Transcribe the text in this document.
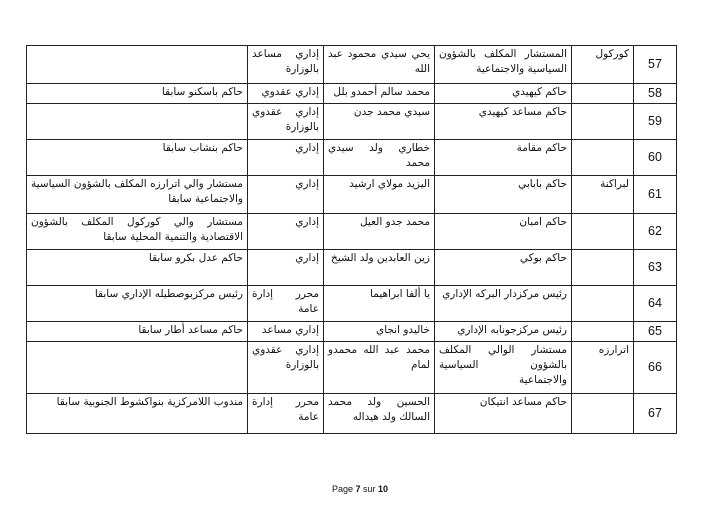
57	كوركول	المستشار المكلف بالشؤون السياسية والاجتماعية	يحي سيدي محمود عبد الله	إداري مساعد بالوزارة	
58		حاكم كيهيدي	محمد سالم أحمدو بلل	إداري عقدوي	حاكم باسكنو سابقا
59		حاكم مساعد كيهيدي	سيدي محمد جدن	إداري عقدوي بالوزارة	
60		حاكم مقامة	خطاري ولد سيدي محمد	إداري	حاكم بنشاب سابقا
61	لبراكنة	حاكم بابابي	اليزيد مولاي ارشيد	إداري	مستشار والي اترارزه المكلف بالشؤون السياسية والاجتماعية سابقا
62		حاكم امبان	محمد جدو العيل	إداري	مستشار والي كوركول المكلف بالشؤون الاقتصادية والتنمية المحلية سابقا
63		حاكم بوكي	زين العابدين ولد الشيخ	إداري	حاكم عدل بكرو سابقا
64		رئيس مركزدار البركه الإداري	يا ألفا ابراهيما	محرر إدارة عامة	رئيس مركزبوصطيله الإداري سابقا
65		رئيس مركزجونابه الإداري	خاليدو انجاي	إداري مساعد	حاكم مساعد أطار سابقا
66	اترارزه	مستشار الوالي المكلف بالشؤون السياسية والاجتماعية	محمد عبد الله محمدو لمام	إداري عقدوي بالوزارة	
67		حاكم مساعد انتيكان	الحسين ولد محمد السالك ولد هيداله	محرر إدارة عامة	مندوب اللامركزية بنواكشوط الجنوبية سابقا
Page 7 sur 10
